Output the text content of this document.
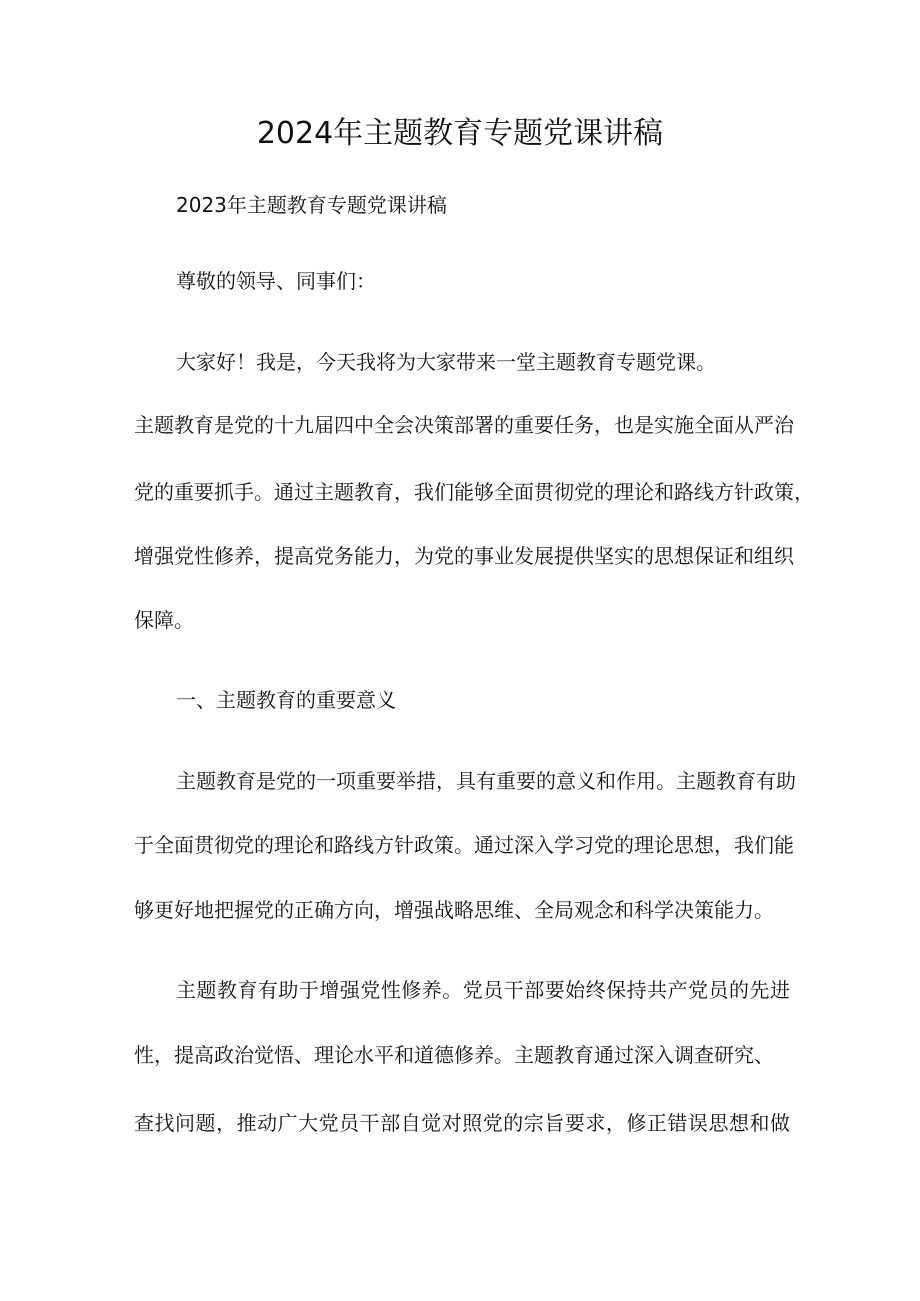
2024年主题教育专题党课讲稿
2023年主题教育专题党课讲稿
尊敬的领导、同事们：
大家好！我是，今天我将为大家带来一堂主题教育专题党课。
主题教育是党的十九届四中全会决策部署的重要任务，也是实施全面从严治
党的重要抓手。通过主题教育，我们能够全面贯彻党的理论和路线方针政策，
增强党性修养，提高党务能力，为党的事业发展提供坚实的思想保证和组织
保障。
一、主题教育的重要意义
主题教育是党的一项重要举措，具有重要的意义和作用。主题教育有助
于全面贯彻党的理论和路线方针政策。通过深入学习党的理论思想，我们能
够更好地把握党的正确方向，增强战略思维、全局观念和科学决策能力。
主题教育有助于增强党性修养。党员干部要始终保持共产党员的先进
性，提高政治觉悟、理论水平和道德修养。主题教育通过深入调查研究、
查找问题，推动广大党员干部自觉对照党的宗旨要求，修正错误思想和做
